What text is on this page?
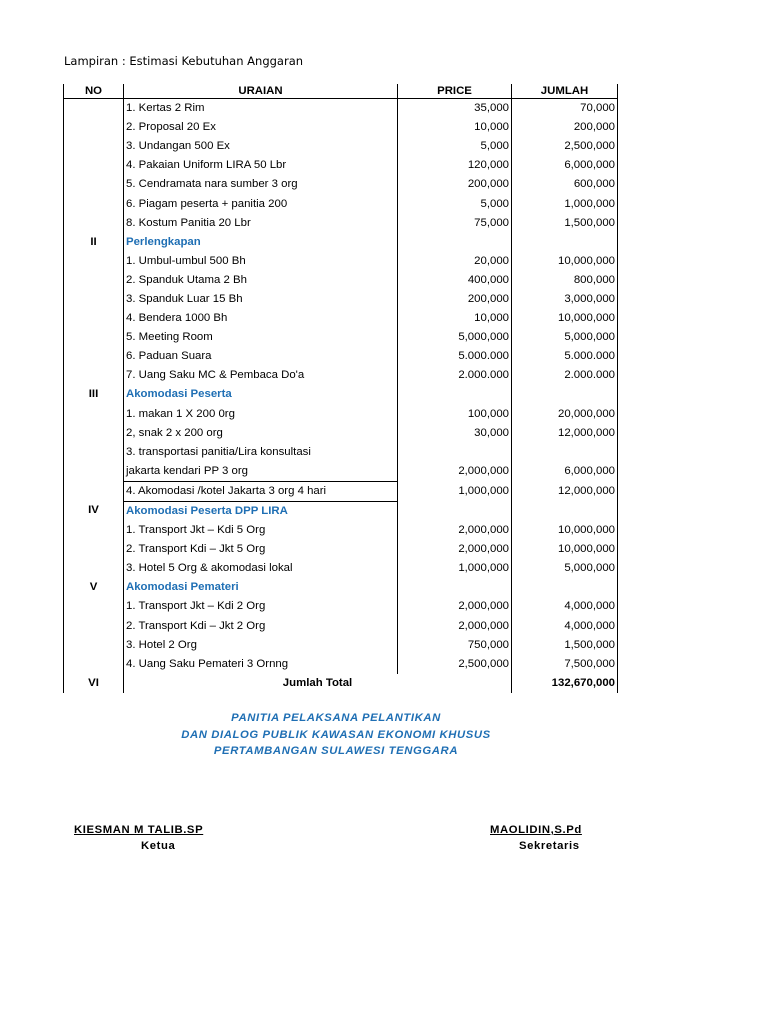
Lampiran : Estimasi Kebutuhan Anggaran
NO	URAIAN	PRICE	JUMLAH
	1. Kertas 2 Rim	35,000	70,000
	2. Proposal 20 Ex	10,000	200,000
	3. Undangan 500 Ex	5,000	2,500,000
	4. Pakaian Uniform LIRA 50 Lbr	120,000	6,000,000
	5. Cendramata nara sumber 3 org	200,000	600,000
	6. Piagam peserta + panitia 200	5,000	1,000,000
	8. Kostum Panitia 20 Lbr	75,000	1,500,000
II	Perlengkapan		
	1. Umbul-umbul 500 Bh	20,000	10,000,000
	2. Spanduk Utama 2 Bh	400,000	800,000
	3. Spanduk Luar 15 Bh	200,000	3,000,000
	4. Bendera 1000 Bh	10,000	10,000,000
	5. Meeting Room	5,000,000	5,000,000
	6. Paduan Suara	5.000.000	5.000.000
	7. Uang Saku MC & Pembaca Do'a	2.000.000	2.000.000
III	Akomodasi Peserta		
	1. makan 1 X 200 0rg	100,000	20,000,000
	2, snak 2 x 200 org	30,000	12,000,000
	3. transportasi panitia/Lira konsultasi		
	jakarta kendari PP 3 org	2,000,000	6,000,000
	4. Akomodasi /kotel Jakarta 3 org 4 hari	1,000,000	12,000,000
IV	Akomodasi Peserta DPP LIRA		
	1. Transport Jkt – Kdi 5 Org	2,000,000	10,000,000
	2. Transport Kdi – Jkt 5 Org	2,000,000	10,000,000
	3. Hotel 5 Org & akomodasi lokal	1,000,000	5,000,000
V	Akomodasi Pemateri		
	1. Transport Jkt – Kdi 2 Org	2,000,000	4,000,000
	2. Transport Kdi – Jkt 2 Org	2,000,000	4,000,000
	3. Hotel 2 Org	750,000	1,500,000
	4. Uang Saku Pemateri 3 Ornng	2,500,000	7,500,000
VI	Jumlah Total		132,670,000
PANITIA PELAKSANA PELANTIKAN
DAN DIALOG PUBLIK KAWASAN EKONOMI KHUSUS
PERTAMBANGAN SULAWESI TENGGARA
KIESMAN M TALIB.SP
Ketua
MAOLIDIN,S.Pd
Sekretaris
